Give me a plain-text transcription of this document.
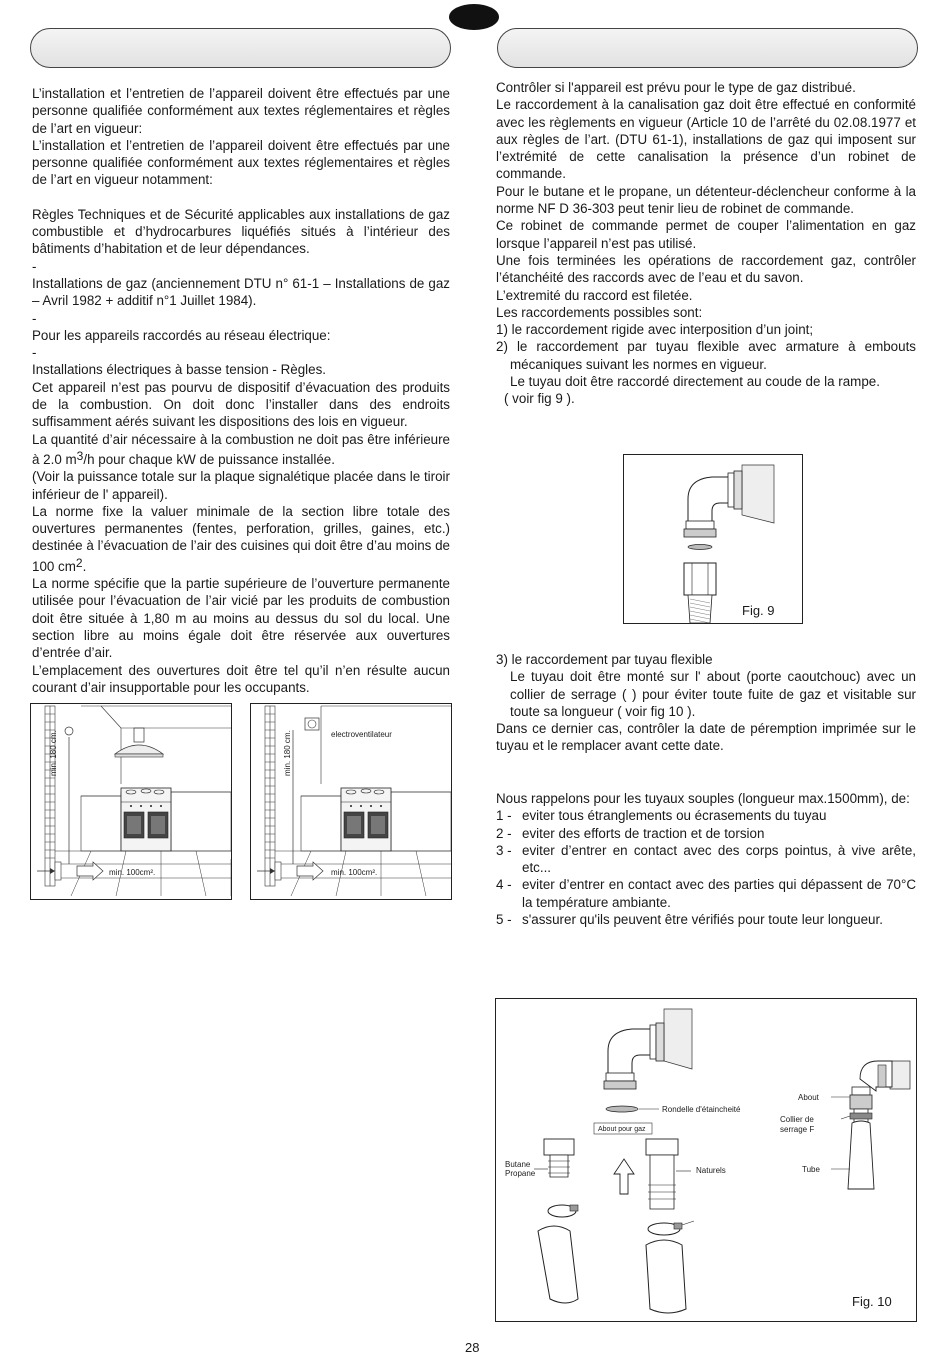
L’installation et l’entretien de l’appareil doivent être effectués par une personne qualifiée conformément aux textes réglementaires et règles de l’art en vigueur:

L’installation et l’entretien de l’appareil doivent être effectués par une personne qualifiée conformément aux textes réglementaires et règles de l’art en vigueur notamment:

Règles Techniques et de Sécurité applicables aux installations de gaz combustible et d’hydrocarbures liquéfiés situés à l’intérieur des bâtiments d’habitation et de leur dépendances.

-

Installations de gaz (anciennement DTU n° 61-1 – Installations de gaz – Avril 1982 + additif n°1 Juillet 1984).

-

Pour les appareils raccordés au réseau électrique:

-

Installations électriques à basse tension - Règles.

Cet appareil n’est pas pourvu de dispositif d’évacuation des produits de la combustion. On doit donc l’installer dans des endroits suffisamment aérés suivant les dispositions des lois en vigueur.

La quantité d’air nécessaire à la combustion ne doit pas être inférieure à 2.0 $m^3/h$ pour chaque kW de puissance installée.

(Voir la puissance totale sur la plaque signalétique placée dans le tiroir inférieur de l' appareil).

La norme fixe la valuer minimale de la section libre totale des ouvertures permanentes (fentes, perforation, grilles, gaines, etc.) destinée à l’évacuation de l’air des cuisines qui doit être d’au moins de 100 $cm^2$.

La norme spécifie que la partie supérieure de l’ouverture permanente utilisée pour l’évacuation de l’air vicié par les produits de combustion doit être située à 1,80 m au moins au dessus du sol du local. Une section libre au moins égale doit être réservée aux ouvertures d’entrée d’air.

L’emplacement des ouvertures doit être tel qu’il n’en résulte aucun courant d’air insupportable pour les occupants.

min. 180 cm.
min. 100cm².
electroventilateur
min. 180 cm.
min. 100cm².

Contrôler si l'appareil est prévu pour le type de gaz distribué.

Le raccordement à la canalisation gaz doit être effectué en conformité avec les règlements en vigueur (Article 10 de l’arrêté du 02.08.1977 et aux règles de l’art. (DTU 61-1), installations de gaz qui imposent sur l’extrémité de cette canalisation la présence d’un robinet de commande.

Pour le butane et le propane, un détenteur-déclencheur conforme à la norme NF D 36-303 peut tenir lieu de robinet de commande.

Ce robinet de commande permet de couper l’alimentation en gaz lorsque l’appareil n’est pas utilisé.

Une fois terminées les opérations de raccordement gaz, contrôler l’étanchéité des raccords avec de l’eau et du savon.

L’extremité du raccord est filetée.

Les raccordements possibles sont:

1) le raccordement rigide avec interposition d’un joint;

2) le raccordement par tuyau flexible avec armature à embouts mécaniques suivant les normes en vigueur.

Le tuyau doit être raccordé directement au coude de la rampe.

( voir fig 9 ).

Fig. 9

3) le raccordement par tuyau flexible

Le tuyau doit être monté sur l' about (porte caoutchouc) avec un collier de serrage ( ) pour éviter toute fuite de gaz et visitable sur toute sa longueur ( voir fig 10 ).

Dans ce dernier cas, contrôler la date de péremption imprimée sur le tuyau et le remplacer avant cette date.

Nous rappelons pour les tuyaux souples (longueur max.1500mm), de:

1 - eviter tous étranglements ou écrasements du tuyau
2 - eviter des efforts de traction et de torsion
3 - eviter d’entrer en contact avec des corps pointus, à vive arête, etc...
4 - eviter d’entrer en contact avec des parties qui dépassent de 70°C la température ambiante.
5 - s'assurer qu'ils peuvent être vérifiés pour toute leur longueur.
Rondelle d'étaincheité
About pour gaz
Butane
Propane	Naturels
About
Collier de
serrage F
Tube
Fig. 10
28
